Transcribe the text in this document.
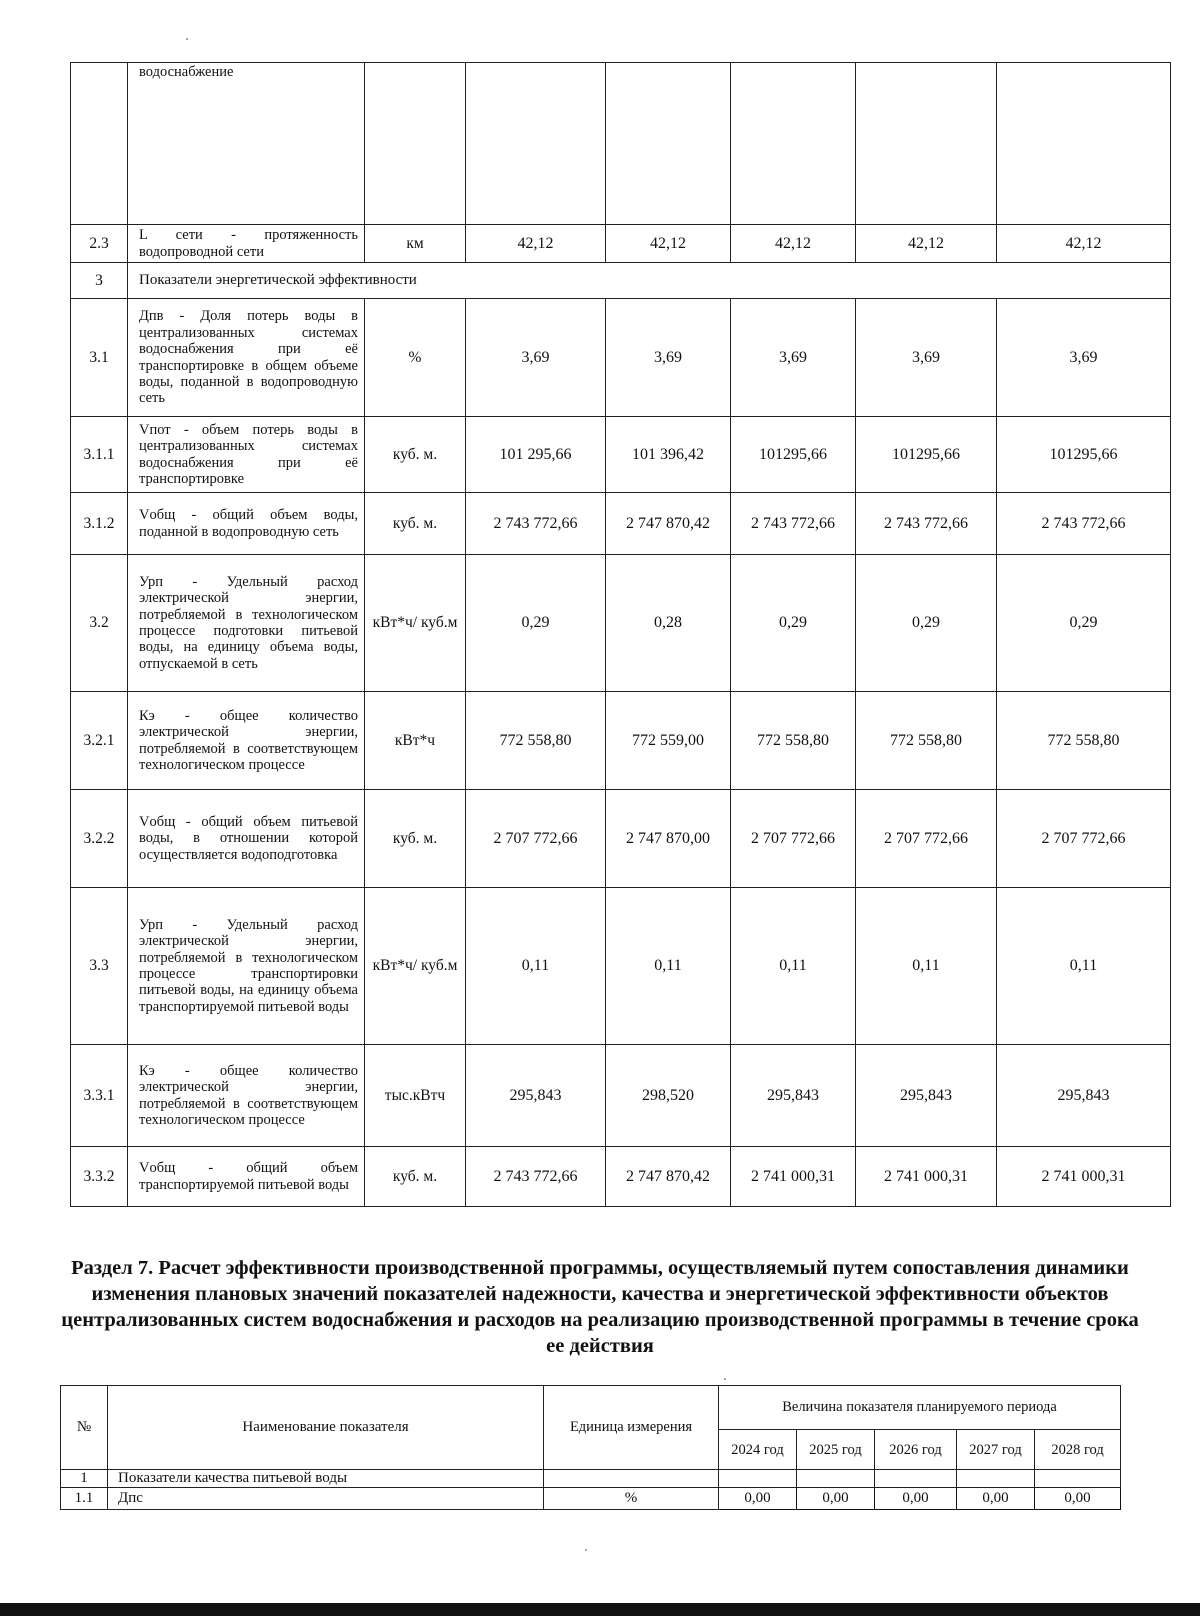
	водоснабжение						
2.3	L сети - протяженность водопроводной сети	км	42,12	42,12	42,12	42,12	42,12
3	Показатели энергетической эффективности						
3.1	Дпв - Доля потерь воды в централизованных системах водоснабжения при её транспортировке в общем объеме воды, поданной в водопроводную сеть	%	3,69	3,69	3,69	3,69	3,69
3.1.1	Vпот - объем потерь воды в централизованных системах водоснабжения при её транспортировке	куб. м.	101 295,66	101 396,42	101295,66	101295,66	101295,66
3.1.2	Vобщ - общий объем воды, поданной в водопроводную сеть	куб. м.	2 743 772,66	2 747 870,42	2 743 772,66	2 743 772,66	2 743 772,66
3.2	Урп - Удельный расход электрической энергии, потребляемой в технологическом процессе подготовки питьевой воды, на единицу объема воды, отпускаемой в сеть	кВт*ч/ куб.м	0,29	0,28	0,29	0,29	0,29
3.2.1	Кэ - общее количество электрической энергии, потребляемой в соответствующем технологическом процессе	кВт*ч	772 558,80	772 559,00	772 558,80	772 558,80	772 558,80
3.2.2	Vобщ - общий объем питьевой воды, в отношении которой осуществляется водоподготовка	куб. м.	2 707 772,66	2 747 870,00	2 707 772,66	2 707 772,66	2 707 772,66
3.3	Урп - Удельный расход электрической энергии, потребляемой в технологическом процессе транспортировки питьевой воды, на единицу объема транспортируемой питьевой воды	кВт*ч/ куб.м	0,11	0,11	0,11	0,11	0,11
3.3.1	Кэ - общее количество электрической энергии, потребляемой в соответствующем технологическом процессе	тыс.кВтч	295,843	298,520	295,843	295,843	295,843
3.3.2	Vобщ - общий объем транспортируемой питьевой воды	куб. м.	2 743 772,66	2 747 870,42	2 741 000,31	2 741 000,31	2 741 000,31
Раздел 7. Расчет эффективности производственной программы, осуществляемый путем сопоставления динамики изменения плановых значений показателей надежности, качества и энергетической эффективности объектов централизованных систем водоснабжения и расходов на реализацию производственной программы в течение срока ее действия
№	Наименование показателя	Единица измерения	Величина показателя планируемого периода				
			2024 год	2025 год	2026 год	2027 год	2028 год
1	Показатели качества питьевой воды						
1.1	Дпс	%	0,00	0,00	0,00	0,00	0,00
